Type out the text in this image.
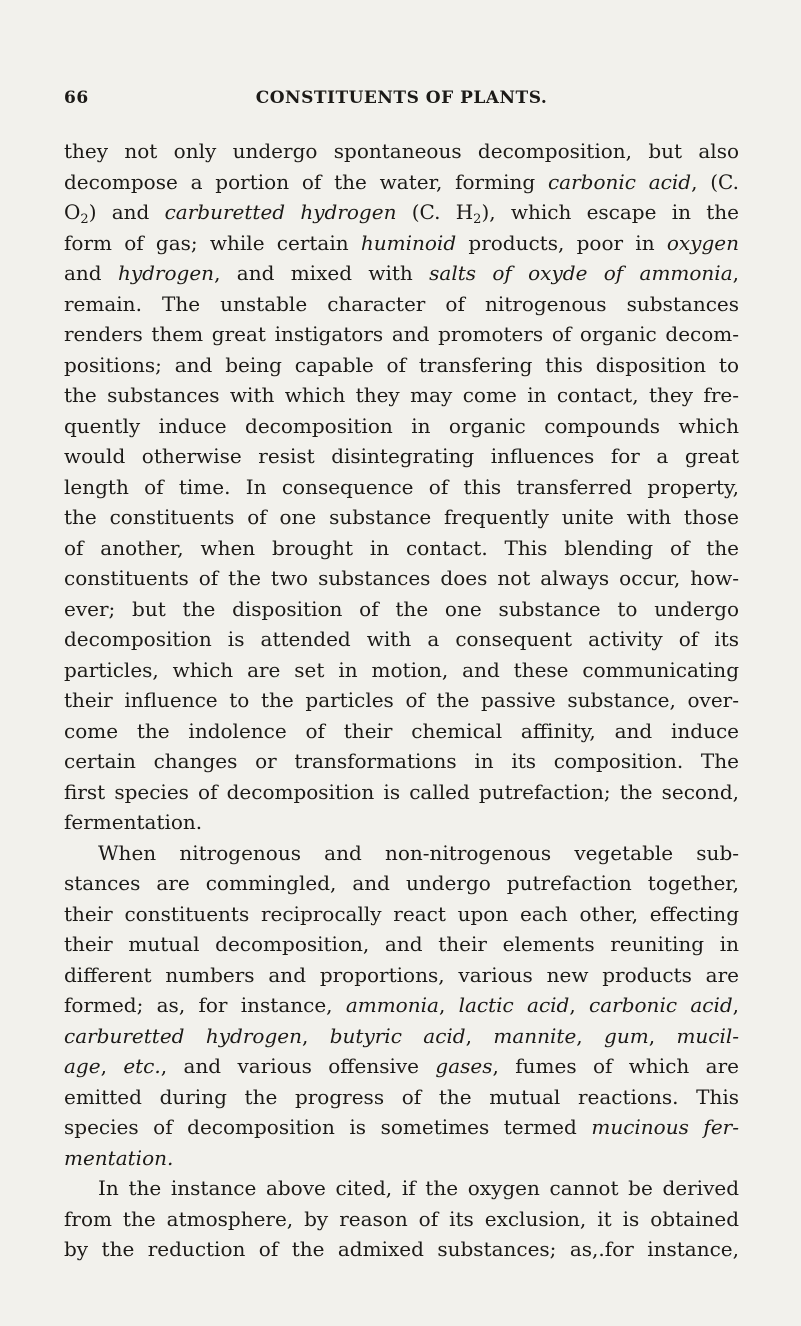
66	CONSTITUENTS OF PLANTS.
they not only undergo spontaneous decomposition, but also
decompose a portion of the water, forming carbonic acid, (C.
$O_2$) and carburetted hydrogen (C. $H_2$), which escape in the
form of gas; while certain huminoid products, poor in oxygen
and hydrogen, and mixed with salts of oxyde of ammonia,
remain. The unstable character of nitrogenous substances
renders them great instigators and promoters of organic decom-
positions; and being capable of transfering this disposition to
the substances with which they may come in contact, they fre-
quently induce decomposition in organic compounds which
would otherwise resist disintegrating influences for a great
length of time. In consequence of this transferred property,
the constituents of one substance frequently unite with those
of another, when brought in contact. This blending of the
constituents of the two substances does not always occur, how-
ever; but the disposition of the one substance to undergo
decomposition is attended with a consequent activity of its
particles, which are set in motion, and these communicating
their influence to the particles of the passive substance, over-
come the indolence of their chemical affinity, and induce
certain changes or transformations in its composition. The
first species of decomposition is called putrefaction; the second,
fermentation.
When nitrogenous and non-nitrogenous vegetable sub-
stances are commingled, and undergo putrefaction together,
their constituents reciprocally react upon each other, effecting
their mutual decomposition, and their elements reuniting in
different numbers and proportions, various new products are
formed; as, for instance, ammonia, lactic acid, carbonic acid,
carburetted hydrogen, butyric acid, mannite, gum, mucil-
age, etc., and various offensive gases, fumes of which are
emitted during the progress of the mutual reactions. This
species of decomposition is sometimes termed mucinous fer-
mentation.
In the instance above cited, if the oxygen cannot be derived
from the atmosphere, by reason of its exclusion, it is obtained
by the reduction of the admixed substances; as,.for instance,
